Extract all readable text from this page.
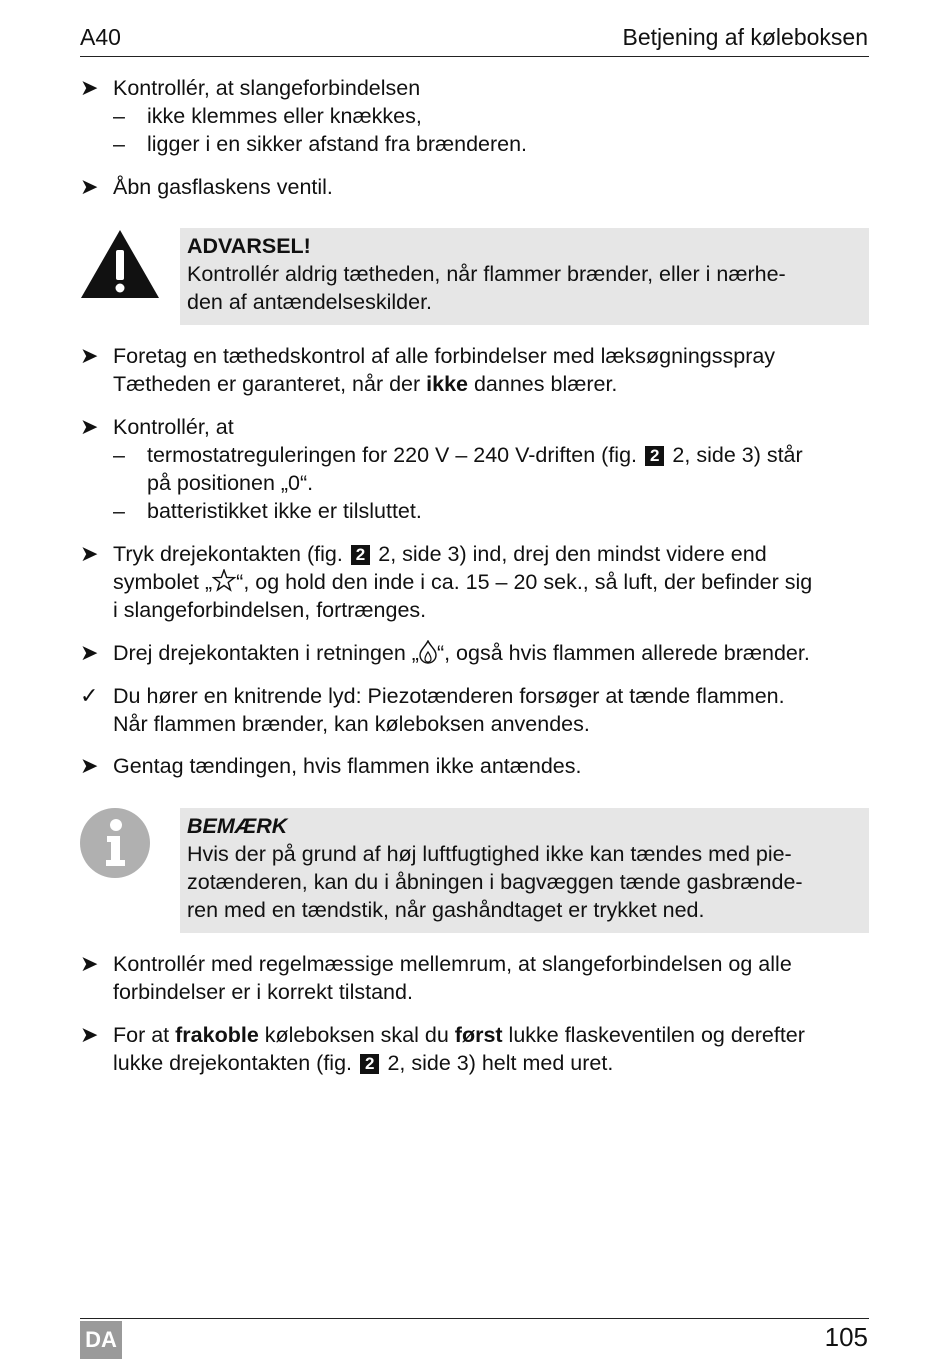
A40	Betjening af køleboksen
➤ Kontrollér, at slangeforbindelsen
– ikke klemmes eller knækkes,
– ligger i en sikker afstand fra brænderen.
➤ Åbn gasflaskens ventil.
ADVARSEL!
Kontrollér aldrig tætheden, når flammer brænder, eller i nærhe-
den af antændelseskilder.
➤ Foretag en tæthedskontrol af alle forbindelser med læksøgningsspray
Tætheden er garanteret, når der ikke dannes blærer.
➤ Kontrollér, at
– termostatreguleringen for 220 V – 240 V-driften (fig. 2 2, side 3) står
på positionen „0“.
– batteristikket ikke er tilsluttet.
➤ Tryk drejekontakten (fig. 2 2, side 3) ind, drej den mindst videre end
symbolet „ “, og hold den inde i ca. 15 – 20 sek., så luft, der befinder sig
i slangeforbindelsen, fortrænges.
➤ Drej drejekontakten i retningen „ “, også hvis flammen allerede brænder.
✓ Du hører en knitrende lyd: Piezotænderen forsøger at tænde flammen.
Når flammen brænder, kan køleboksen anvendes.
➤ Gentag tændingen, hvis flammen ikke antændes.
BEMÆRK
Hvis der på grund af høj luftfugtighed ikke kan tændes med pie-
zotænderen, kan du i åbningen i bagvæggen tænde gasbrænde-
ren med en tændstik, når gashåndtaget er trykket ned.
➤ Kontrollér med regelmæssige mellemrum, at slangeforbindelsen og alle
forbindelser er i korrekt tilstand.
➤ For at frakoble køleboksen skal du først lukke flaskeventilen og derefter
lukke drejekontakten (fig. 2 2, side 3) helt med uret.
DA	105
